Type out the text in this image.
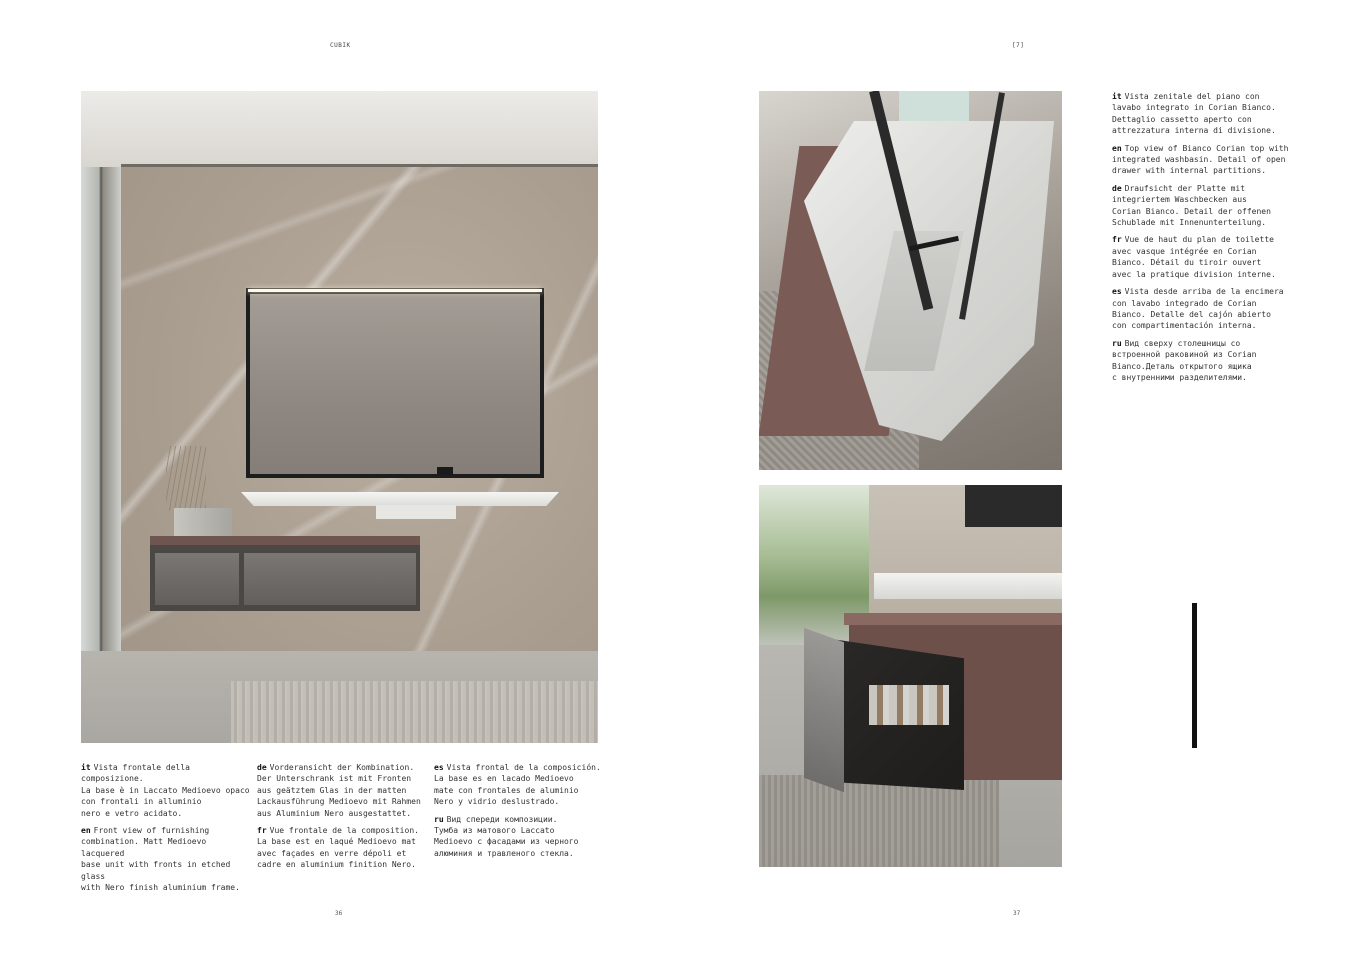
CUBIK

it Vista frontale della composizione.
La base è in Laccato Medioevo opaco
con frontali in alluminio
nero e vetro acidato.

en Front view of furnishing
combination. Matt Medioevo lacquered
base unit with fronts in etched glass
with Nero finish aluminium frame.

de Vorderansicht der Kombination.
Der Unterschrank ist mit Fronten
aus geätztem Glas in der matten
Lackausführung Medioevo mit Rahmen
aus Aluminium Nero ausgestattet.

fr Vue frontale de la composition.
La base est en laqué Medioevo mat
avec façades en verre dépoli et
cadre en aluminium finition Nero.

es Vista frontal de la composición.
La base es en lacado Medioevo
mate con frontales de aluminio
Nero y vidrio deslustrado.

ru Вид спереди композиции.
Тумба из матового Laccato
Medioevo с фасадами из черного
алюминия и травленого стекла.

36
[7]

it Vista zenitale del piano con
lavabo integrato in Corian Bianco.
Dettaglio cassetto aperto con
attrezzatura interna di divisione.

en Top view of Bianco Corian top with
integrated washbasin. Detail of open
drawer with internal partitions.

de Draufsicht der Platte mit
integriertem Waschbecken aus
Corian Bianco. Detail der offenen
Schublade mit Innenunterteilung.

fr Vue de haut du plan de toilette
avec vasque intégrée en Corian
Bianco. Détail du tiroir ouvert
avec la pratique division interne.

es Vista desde arriba de la encimera
con lavabo integrado de Corian
Bianco. Detalle del cajón abierto
con compartimentación interna.

ru Вид сверху столешницы со
встроенной раковиной из Corian
Bianco.Деталь открытого ящика
с внутренними разделителями.

37
